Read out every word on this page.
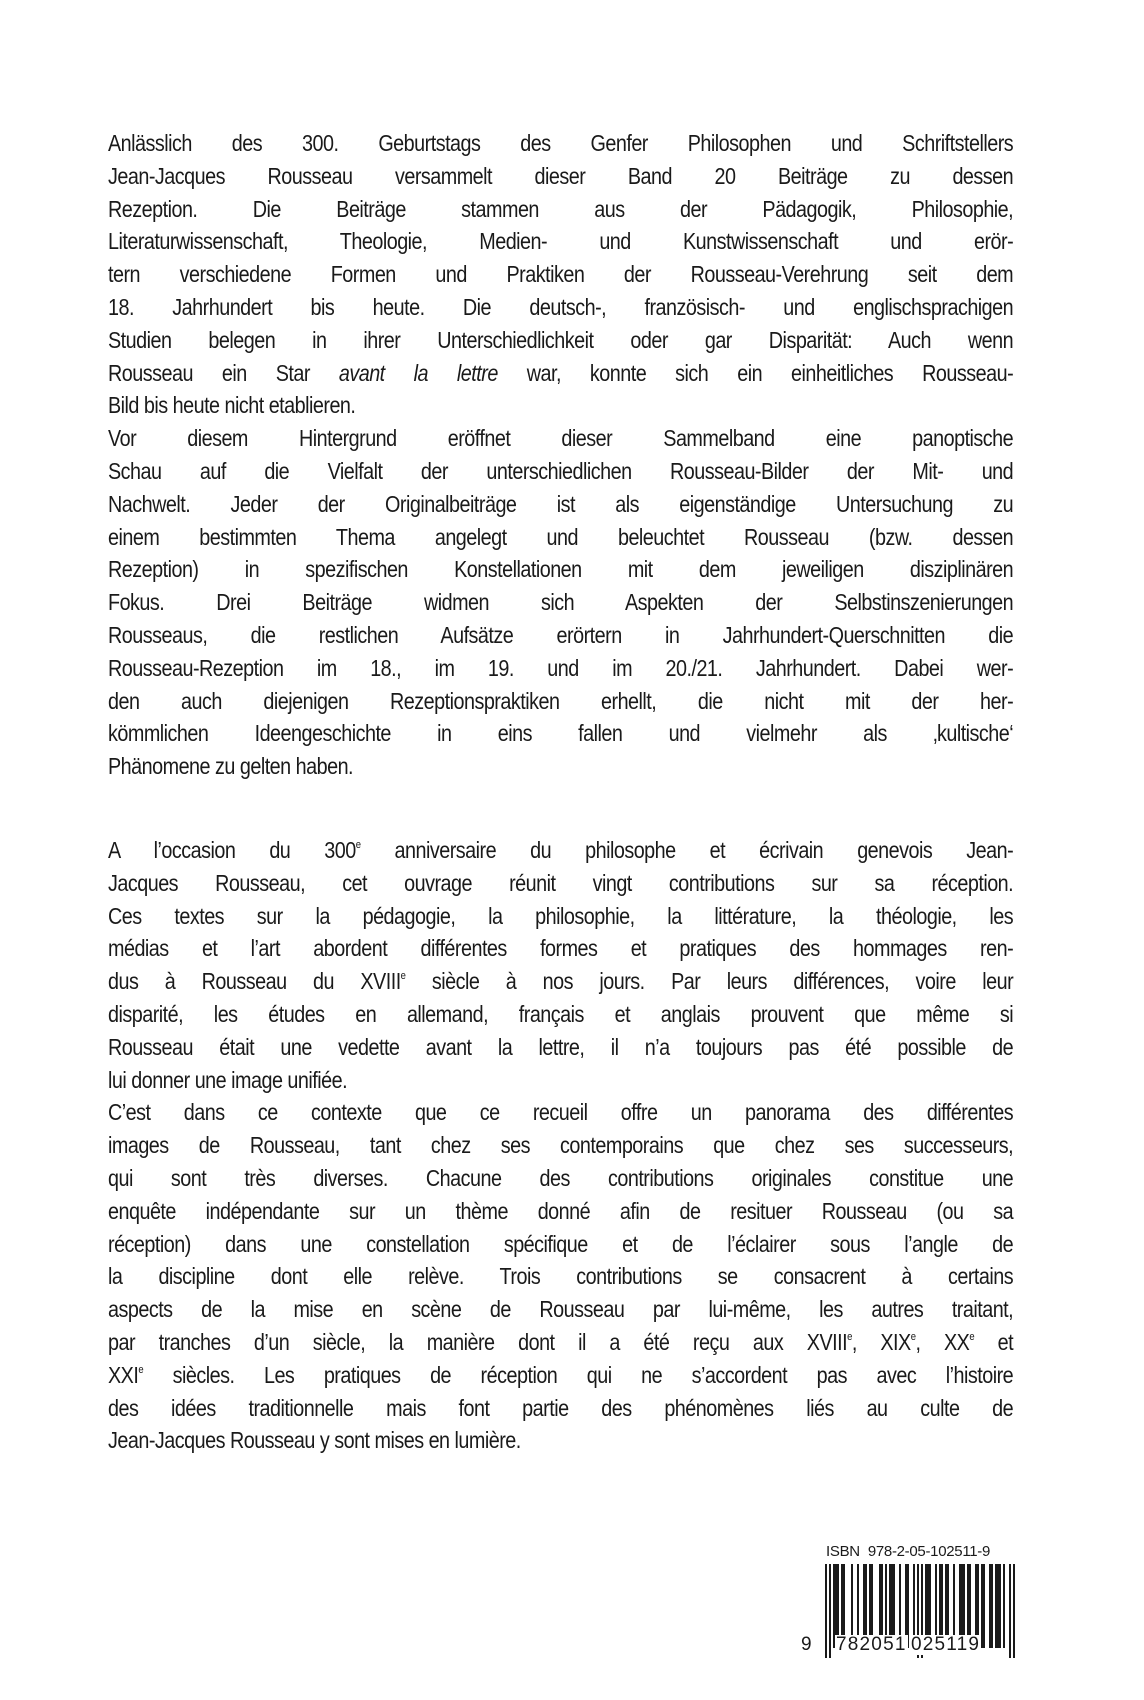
Anlässlich des 300. Geburtstags des Genfer Philosophen und Schriftstellers
Jean-Jacques Rousseau versammelt dieser Band 20 Beiträge zu dessen
Rezeption. Die Beiträge stammen aus der Pädagogik, Philosophie,
Literaturwissenschaft, Theologie, Medien- und Kunstwissenschaft und erör-
tern verschiedene Formen und Praktiken der Rousseau-Verehrung seit dem
18. Jahrhundert bis heute. Die deutsch-, französisch- und englischsprachigen
Studien belegen in ihrer Unterschiedlichkeit oder gar Disparität: Auch wenn
Rousseau ein Star avant la lettre war, konnte sich ein einheitliches Rousseau-
Bild bis heute nicht etablieren.
Vor diesem Hintergrund eröffnet dieser Sammelband eine panoptische
Schau auf die Vielfalt der unterschiedlichen Rousseau-Bilder der Mit- und
Nachwelt. Jeder der Originalbeiträge ist als eigenständige Untersuchung zu
einem bestimmten Thema angelegt und beleuchtet Rousseau (bzw. dessen
Rezeption) in spezifischen Konstellationen mit dem jeweiligen disziplinären
Fokus. Drei Beiträge widmen sich Aspekten der Selbstinszenierungen
Rousseaus, die restlichen Aufsätze erörtern in Jahrhundert-Querschnitten die
Rousseau-Rezeption im 18., im 19. und im 20./21. Jahrhundert. Dabei wer-
den auch diejenigen Rezeptionspraktiken erhellt, die nicht mit der her-
kömmlichen Ideengeschichte in eins fallen und vielmehr als ‚kultische‘
Phänomene zu gelten haben.
A l’occasion du 300e anniversaire du philosophe et écrivain genevois Jean-
Jacques Rousseau, cet ouvrage réunit vingt contributions sur sa réception.
Ces textes sur la pédagogie, la philosophie, la littérature, la théologie, les
médias et l’art abordent différentes formes et pratiques des hommages ren-
dus à Rousseau du XVIIIe siècle à nos jours. Par leurs différences, voire leur
disparité, les études en allemand, français et anglais prouvent que même si
Rousseau était une vedette avant la lettre, il n’a toujours pas été possible de
lui donner une image unifiée.
C’est dans ce contexte que ce recueil offre un panorama des différentes
images de Rousseau, tant chez ses contemporains que chez ses successeurs,
qui sont très diverses. Chacune des contributions originales constitue une
enquête indépendante sur un thème donné afin de resituer Rousseau (ou sa
réception) dans une constellation spécifique et de l’éclairer sous l’angle de
la discipline dont elle relève. Trois contributions se consacrent à certains
aspects de la mise en scène de Rousseau par lui-même, les autres traitant,
par tranches d’un siècle, la manière dont il a été reçu aux XVIIIe, XIXe, XXe et
XXIe siècles. Les pratiques de réception qui ne s’accordent pas avec l’histoire
des idées traditionnelle mais font partie des phénomènes liés au culte de
Jean-Jacques Rousseau y sont mises en lumière.
ISBN 978-2-05-102511-9
9 782051 025119
